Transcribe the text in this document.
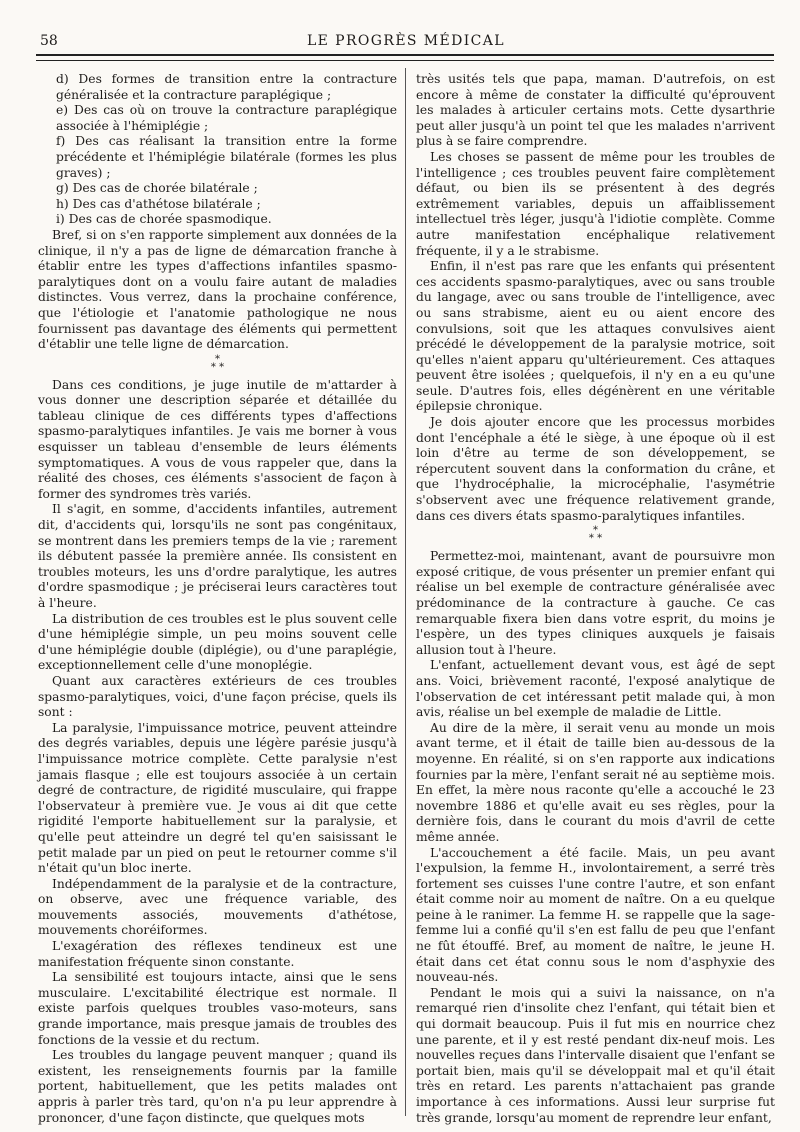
58	LE PROGRÈS MÉDICAL

d) Des formes de transition entre la contracture généralisée et la contracture paraplégique ;

e) Des cas où on trouve la contracture paraplégique associée à l'hémiplégie ;

f) Des cas réalisant la transition entre la forme précédente et l'hémiplégie bilatérale (formes les plus graves) ;

g) Des cas de chorée bilatérale ;

h) Des cas d'athétose bilatérale ;

i) Des cas de chorée spasmodique.

Bref, si on s'en rapporte simplement aux données de la clinique, il n'y a pas de ligne de démarcation franche à établir entre les types d'affections infantiles spasmo-paralytiques dont on a voulu faire autant de maladies distinctes. Vous verrez, dans la prochaine conférence, que l'étiologie et l'anatomie pathologique ne nous fournissent pas davantage des éléments qui permettent d'établir une telle ligne de démarcation.

*
* *

Dans ces conditions, je juge inutile de m'attarder à vous donner une description séparée et détaillée du tableau clinique de ces différents types d'affections spasmo-paralytiques infantiles. Je vais me borner à vous esquisser un tableau d'ensemble de leurs éléments symptomatiques. A vous de vous rappeler que, dans la réalité des choses, ces éléments s'associent de façon à former des syndromes très variés.

Il s'agit, en somme, d'accidents infantiles, autrement dit, d'accidents qui, lorsqu'ils ne sont pas congénitaux, se montrent dans les premiers temps de la vie ; rarement ils débutent passée la première année. Ils consistent en troubles moteurs, les uns d'ordre paralytique, les autres d'ordre spasmodique ; je préciserai leurs caractères tout à l'heure.

La distribution de ces troubles est le plus souvent celle d'une hémiplégie simple, un peu moins souvent celle d'une hémiplégie double (diplégie), ou d'une paraplégie, exceptionnellement celle d'une monoplégie.

Quant aux caractères extérieurs de ces troubles spasmo-paralytiques, voici, d'une façon précise, quels ils sont :

La paralysie, l'impuissance motrice, peuvent atteindre des degrés variables, depuis une légère parésie jusqu'à l'impuissance motrice complète. Cette paralysie n'est jamais flasque ; elle est toujours associée à un certain degré de contracture, de rigidité musculaire, qui frappe l'observateur à première vue. Je vous ai dit que cette rigidité l'emporte habituellement sur la paralysie, et qu'elle peut atteindre un degré tel qu'en saisissant le petit malade par un pied on peut le retourner comme s'il n'était qu'un bloc inerte.

Indépendamment de la paralysie et de la contracture, on observe, avec une fréquence variable, des mouvements associés, mouvements d'athétose, mouvements choréiformes.

L'exagération des réflexes tendineux est une manifestation fréquente sinon constante.

La sensibilité est toujours intacte, ainsi que le sens musculaire. L'excitabilité électrique est normale. Il existe parfois quelques troubles vaso-moteurs, sans grande importance, mais presque jamais de troubles des fonctions de la vessie et du rectum.

Les troubles du langage peuvent manquer ; quand ils existent, les renseignements fournis par la famille portent, habituellement, que les petits malades ont appris à parler très tard, qu'on n'a pu leur apprendre à prononcer, d'une façon distincte, que quelques mots

très usités tels que papa, maman. D'autrefois, on est encore à même de constater la difficulté qu'éprouvent les malades à articuler certains mots. Cette dysarthrie peut aller jusqu'à un point tel que les malades n'arrivent plus à se faire comprendre.

Les choses se passent de même pour les troubles de l'intelligence ; ces troubles peuvent faire complètement défaut, ou bien ils se présentent à des degrés extrêmement variables, depuis un affaiblissement intellectuel très léger, jusqu'à l'idiotie complète. Comme autre manifestation encéphalique relativement fréquente, il y a le strabisme.

Enfin, il n'est pas rare que les enfants qui présentent ces accidents spasmo-paralytiques, avec ou sans trouble du langage, avec ou sans trouble de l'intelligence, avec ou sans strabisme, aient eu ou aient encore des convulsions, soit que les attaques convulsives aient précédé le développement de la paralysie motrice, soit qu'elles n'aient apparu qu'ultérieurement. Ces attaques peuvent être isolées ; quelquefois, il n'y en a eu qu'une seule. D'autres fois, elles dégénèrent en une véritable épilepsie chronique.

Je dois ajouter encore que les processus morbides dont l'encéphale a été le siège, à une époque où il est loin d'être au terme de son développement, se répercutent souvent dans la conformation du crâne, et que l'hydrocéphalie, la microcéphalie, l'asymétrie s'observent avec une fréquence relativement grande, dans ces divers états spasmo-paralytiques infantiles.

*
* *

Permettez-moi, maintenant, avant de poursuivre mon exposé critique, de vous présenter un premier enfant qui réalise un bel exemple de contracture généralisée avec prédominance de la contracture à gauche. Ce cas remarquable fixera bien dans votre esprit, du moins je l'espère, un des types cliniques auxquels je faisais allusion tout à l'heure.

L'enfant, actuellement devant vous, est âgé de sept ans. Voici, brièvement raconté, l'exposé analytique de l'observation de cet intéressant petit malade qui, à mon avis, réalise un bel exemple de maladie de Little.

Au dire de la mère, il serait venu au monde un mois avant terme, et il était de taille bien au-dessous de la moyenne. En réalité, si on s'en rapporte aux indications fournies par la mère, l'enfant serait né au septième mois. En effet, la mère nous raconte qu'elle a accouché le 23 novembre 1886 et qu'elle avait eu ses règles, pour la dernière fois, dans le courant du mois d'avril de cette même année.

L'accouchement a été facile. Mais, un peu avant l'expulsion, la femme H., involontairement, a serré très fortement ses cuisses l'une contre l'autre, et son enfant était comme noir au moment de naître. On a eu quelque peine à le ranimer. La femme H. se rappelle que la sage-femme lui a confié qu'il s'en est fallu de peu que l'enfant ne fût étouffé. Bref, au moment de naître, le jeune H. était dans cet état connu sous le nom d'asphyxie des nouveau-nés.

Pendant le mois qui a suivi la naissance, on n'a remarqué rien d'insolite chez l'enfant, qui tétait bien et qui dormait beaucoup. Puis il fut mis en nourrice chez une parente, et il y est resté pendant dix-neuf mois. Les nouvelles reçues dans l'intervalle disaient que l'enfant se portait bien, mais qu'il se développait mal et qu'il était très en retard. Les parents n'attachaient pas grande importance à ces informations. Aussi leur surprise fut très grande, lorsqu'au moment de reprendre leur enfant,
